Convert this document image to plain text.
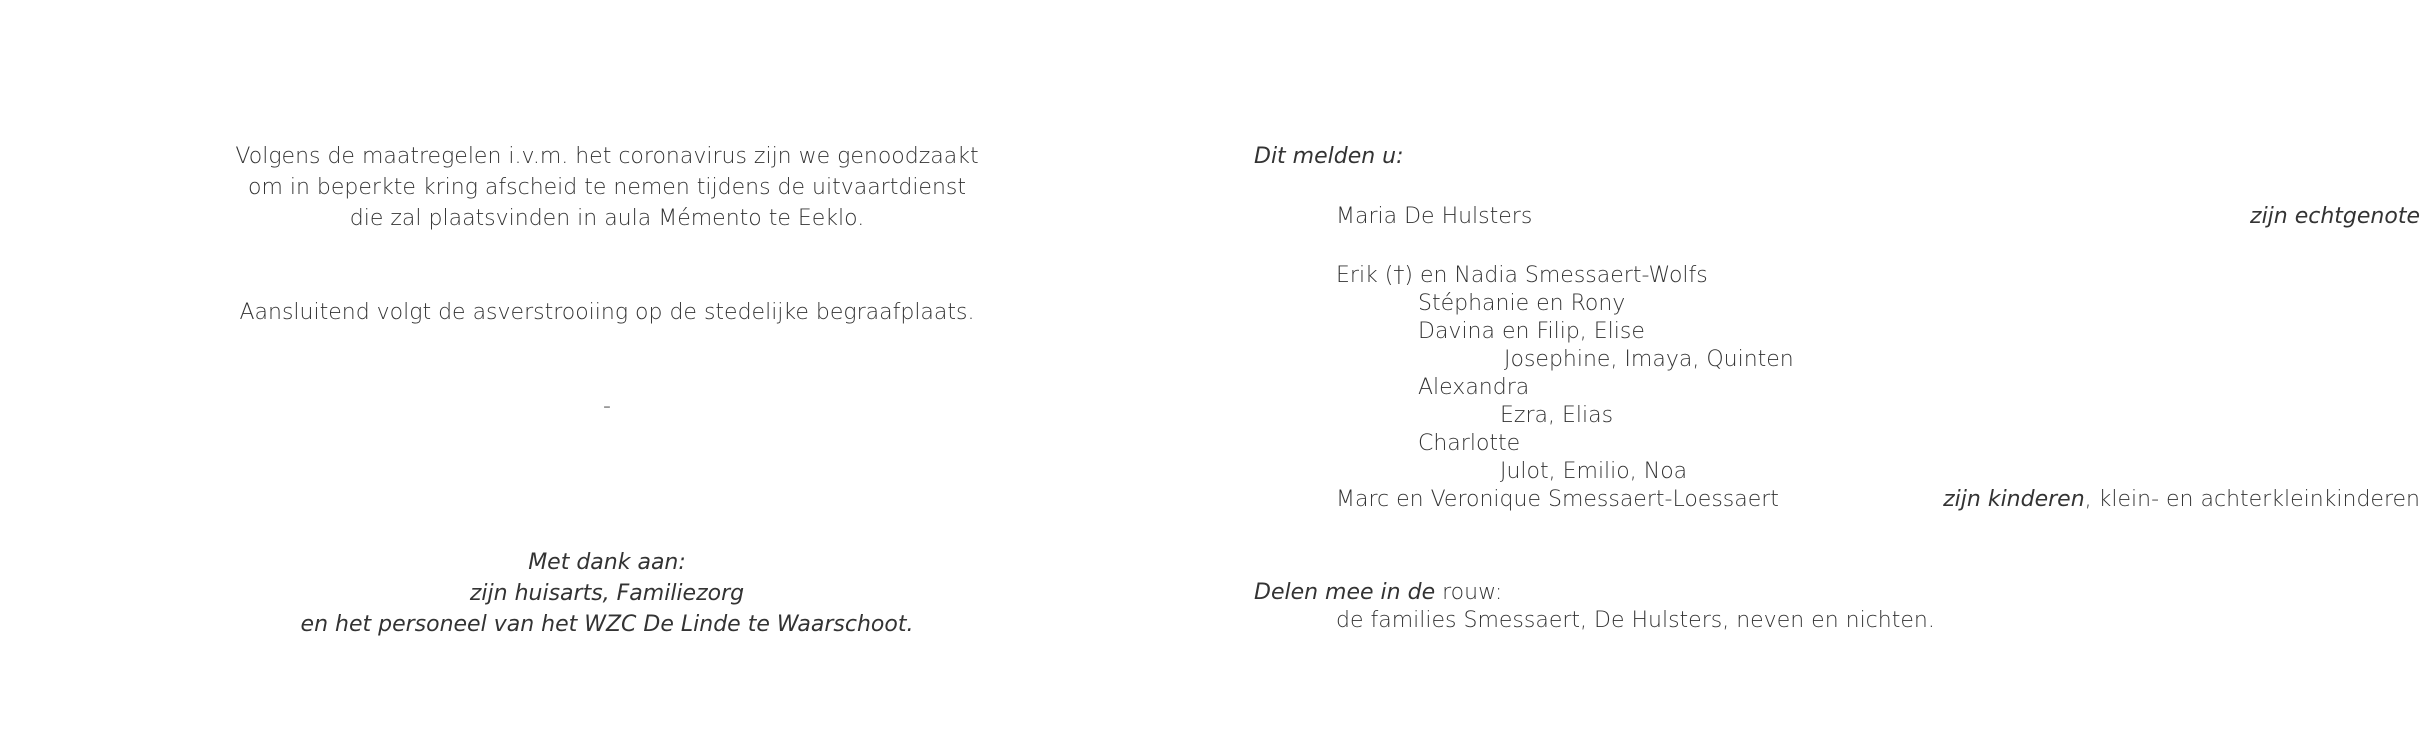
Volgens de maatregelen i.v.m. het coronavirus zijn we genoodzaakt
om in beperkte kring afscheid te nemen tijdens de uitvaartdienst
die zal plaatsvinden in aula Mémento te Eeklo.
Aansluitend volgt de asverstrooiing op de stedelijke begraafplaats.
-
Met dank aan:
zijn huisarts, Familiezorg
en het personeel van het WZC De Linde te Waarschoot.
Dit melden u:
Maria De Hulsters	zijn echtgenote
Erik (†) en Nadia Smessaert-Wolfs
Stéphanie en Rony
Davina en Filip, Elise
Josephine, Imaya, Quinten
Alexandra
Ezra, Elias
Charlotte
Julot, Emilio, Noa
Marc en Veronique Smessaert-Loessaert	zijn kinderen, klein- en achterkleinkinderen
Delen mee in de rouw:
de families Smessaert, De Hulsters, neven en nichten.
